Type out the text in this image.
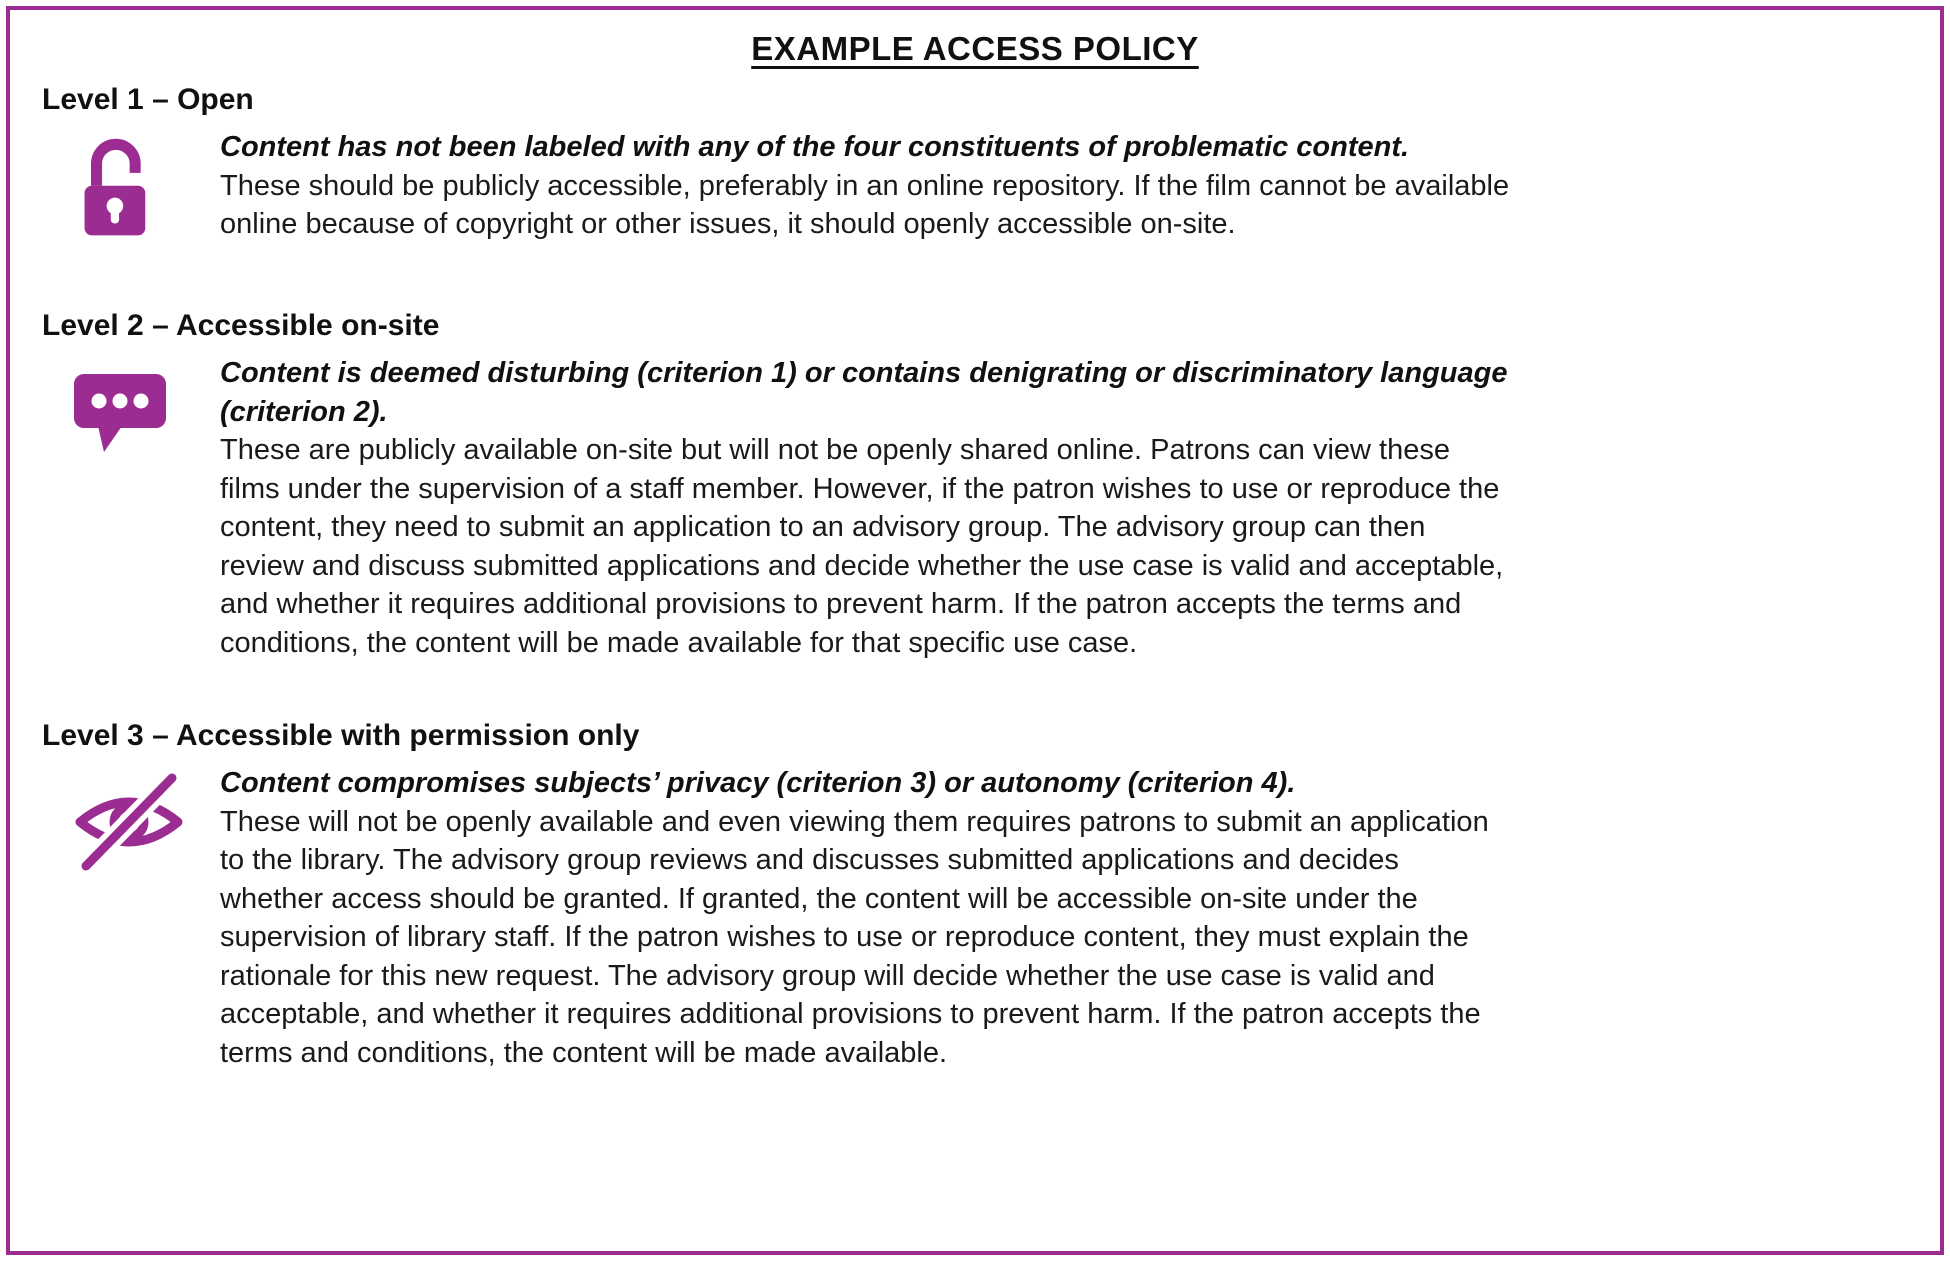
EXAMPLE ACCESS POLICY
Level 1 – Open

Content has not been labeled with any of the four constituents of problematic content.

These should be publicly accessible, preferably in an online repository. If the film cannot be available online because of copyright or other issues, it should openly accessible on-site.

Level 2 – Accessible on-site

Content is deemed disturbing (criterion 1) or contains denigrating or discriminatory language (criterion 2).

These are publicly available on-site but will not be openly shared online. Patrons can view these films under the supervision of a staff member. However, if the patron wishes to use or reproduce the content, they need to submit an application to an advisory group. The advisory group can then review and discuss submitted applications and decide whether the use case is valid and acceptable, and whether it requires additional provisions to prevent harm. If the patron accepts the terms and conditions, the content will be made available for that specific use case.

Level 3 – Accessible with permission only

Content compromises subjects’ privacy (criterion 3) or autonomy (criterion 4).

These will not be openly available and even viewing them requires patrons to submit an application to the library. The advisory group reviews and discusses submitted applications and decides whether access should be granted. If granted, the content will be accessible on-site under the supervision of library staff. If the patron wishes to use or reproduce content, they must explain the rationale for this new request. The advisory group will decide whether the use case is valid and acceptable, and whether it requires additional provisions to prevent harm. If the patron accepts the terms and conditions, the content will be made available.
